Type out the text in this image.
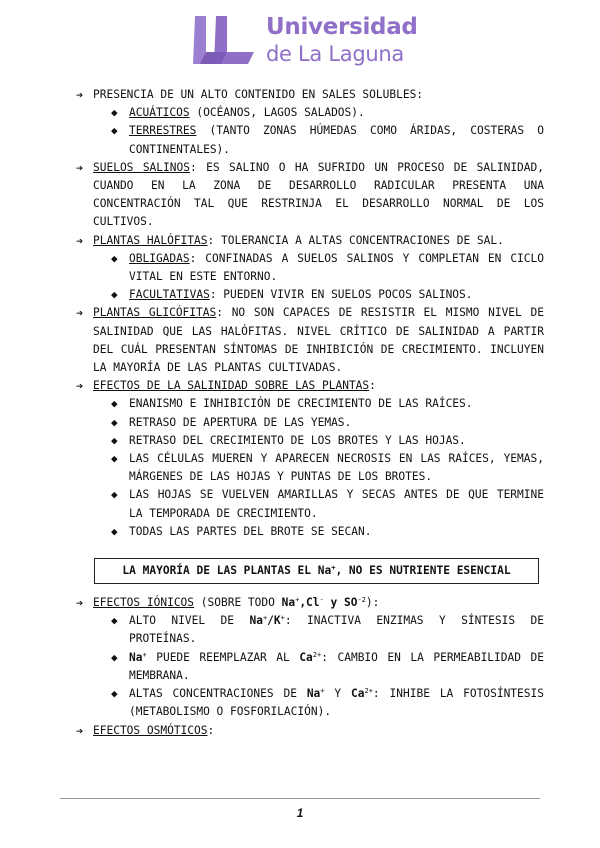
Universidad
de La Laguna
➔ PRESENCIA DE UN ALTO CONTENIDO EN SALES SOLUBLES:
◆	ACUÁTICOS (OCÉANOS, LAGOS SALADOS).
◆	TERRESTRES (TANTO ZONAS HÚMEDAS COMO ÁRIDAS, COSTERAS O CONTINENTALES).
➔ SUELOS SALINOS: ES SALINO O HA SUFRIDO UN PROCESO DE SALINIDAD, CUANDO EN LA ZONA DE DESARROLLO RADICULAR PRESENTA UNA CONCENTRACIÓN TAL QUE RESTRINJA EL DESARROLLO NORMAL DE LOS CULTIVOS.
➔ PLANTAS HALÓFITAS: TOLERANCIA A ALTAS CONCENTRACIONES DE SAL.
◆	OBLIGADAS: CONFINADAS A SUELOS SALINOS Y COMPLETAN EN CICLO VITAL EN ESTE ENTORNO.
◆	FACULTATIVAS: PUEDEN VIVIR EN SUELOS POCOS SALINOS.
➔ PLANTAS GLICÓFITAS: NO SON CAPACES DE RESISTIR EL MISMO NIVEL DE SALINIDAD QUE LAS HALÓFITAS. NIVEL CRÍTICO DE SALINIDAD A PARTIR DEL CUÁL PRESENTAN SÍNTOMAS DE INHIBICIÓN DE CRECIMIENTO. INCLUYEN LA MAYORÍA DE LAS PLANTAS CULTIVADAS.
➔ EFECTOS DE LA SALINIDAD SOBRE LAS PLANTAS:
◆	ENANISMO E INHIBICIÓN DE CRECIMIENTO DE LAS RAÍCES.
◆	RETRASO DE APERTURA DE LAS YEMAS.
◆	RETRASO DEL CRECIMIENTO DE LOS BROTES Y LAS HOJAS.
◆	LAS CÉLULAS MUEREN Y APARECEN NECROSIS EN LAS RAÍCES, YEMAS, MÁRGENES DE LAS HOJAS Y PUNTAS DE LOS BROTES.
◆	LAS HOJAS SE VUELVEN AMARILLAS Y SECAS ANTES DE QUE TERMINE LA TEMPORADA DE CRECIMIENTO.
◆	TODAS LAS PARTES DEL BROTE SE SECAN.
LA MAYORÍA DE LAS PLANTAS EL Na+, NO ES NUTRIENTE ESENCIAL
➔ EFECTOS IÓNICOS (SOBRE TODO Na+,Cl- y $SO^{-2}$):
◆	ALTO NIVEL DE Na+/K+: INACTIVA ENZIMAS Y SÍNTESIS DE PROTEÍNAS.
◆	Na+ PUEDE REEMPLAZAR AL $Ca^{2+}$: CAMBIO EN LA PERMEABILIDAD DE MEMBRANA.
◆	ALTAS CONCENTRACIONES DE Na+ Y $Ca^{2+}$: INHIBE LA FOTOSÍNTESIS (METABOLISMO O FOSFORILACIÓN).
➔ EFECTOS OSMÓTICOS:
1
